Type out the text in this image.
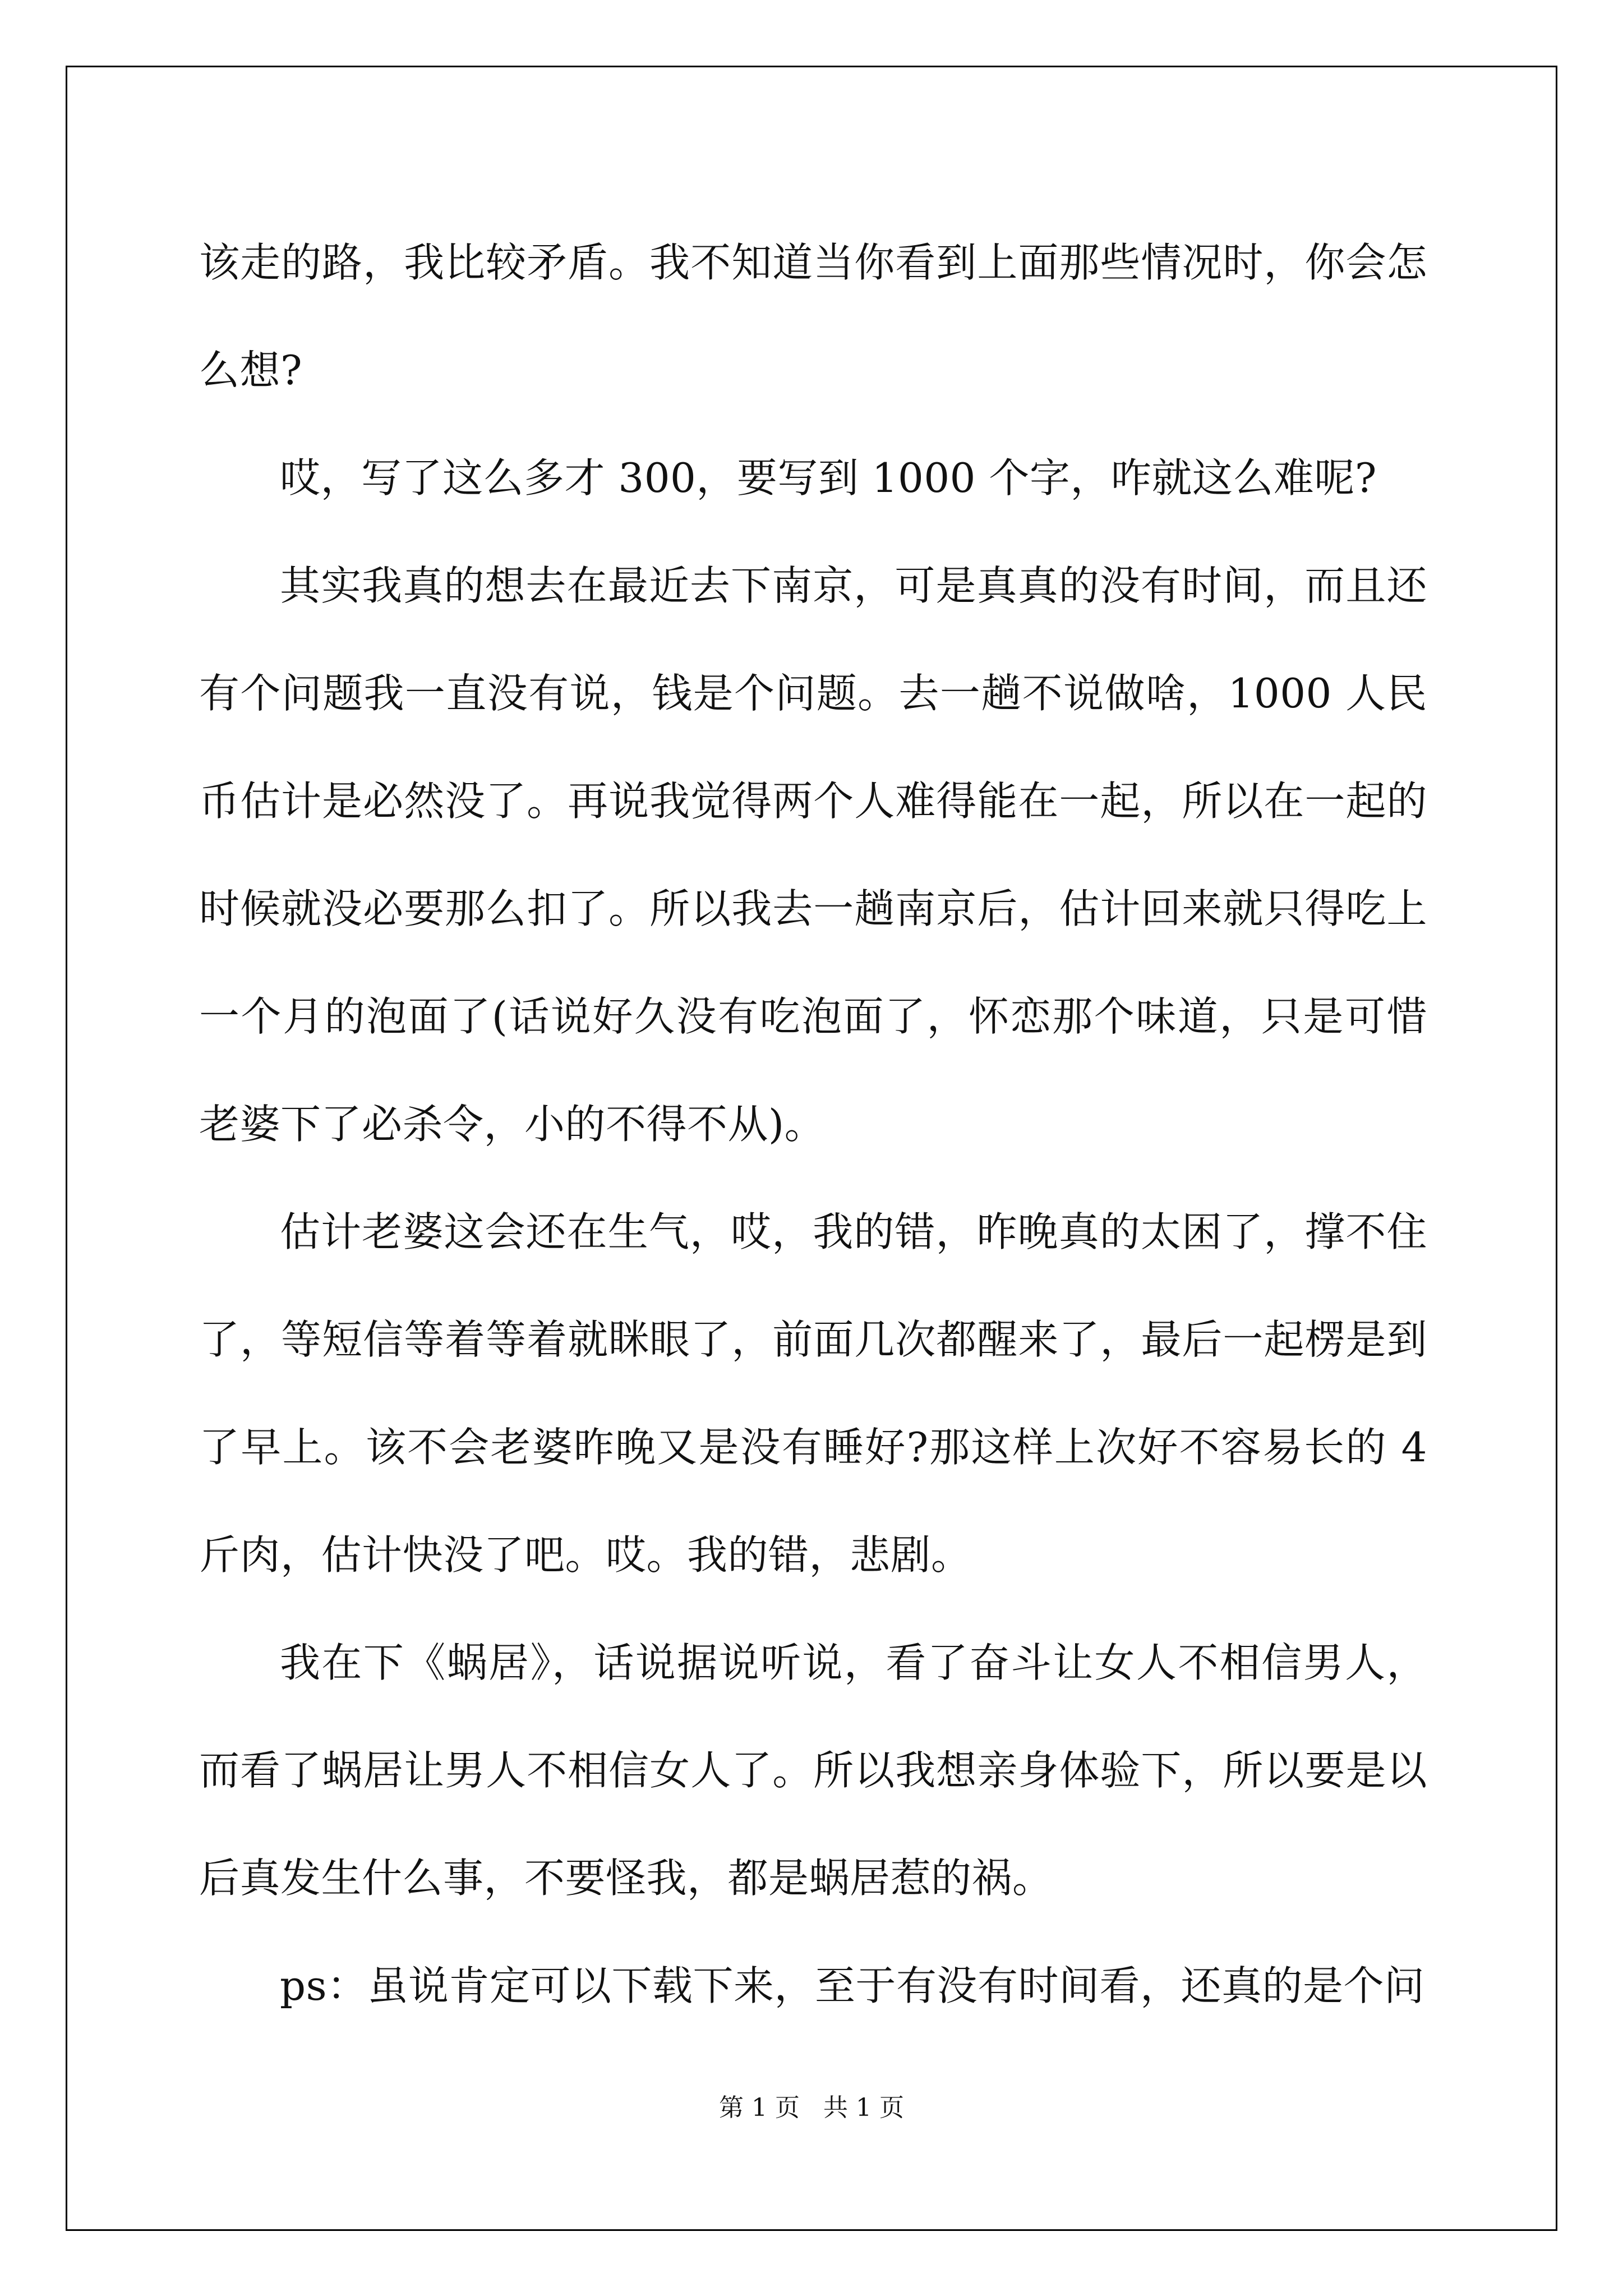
该走的路，我比较矛盾。我不知道当你看到上面那些情况时，你会怎么想?

哎，写了这么多才 300，要写到 1000 个字，咋就这么难呢?

其实我真的想去在最近去下南京，可是真真的没有时间，而且还有个问题我一直没有说，钱是个问题。去一趟不说做啥，1000 人民币估计是必然没了。再说我觉得两个人难得能在一起，所以在一起的时候就没必要那么扣了。所以我去一趟南京后，估计回来就只得吃上一个月的泡面了(话说好久没有吃泡面了，怀恋那个味道，只是可惜老婆下了必杀令，小的不得不从)。

估计老婆这会还在生气，哎，我的错，昨晚真的太困了，撑不住了，等短信等着等着就眯眼了，前面几次都醒来了，最后一起楞是到了早上。该不会老婆昨晚又是没有睡好?那这样上次好不容易长的 4 斤肉，估计快没了吧。哎。我的错，悲剧。

我在下《蜗居》，话说据说听说，看了奋斗让女人不相信男人，而看了蜗居让男人不相信女人了。所以我想亲身体验下，所以要是以后真发生什么事，不要怪我，都是蜗居惹的祸。

ps：虽说肯定可以下载下来，至于有没有时间看，还真的是个问

第 1 页 共 1 页
